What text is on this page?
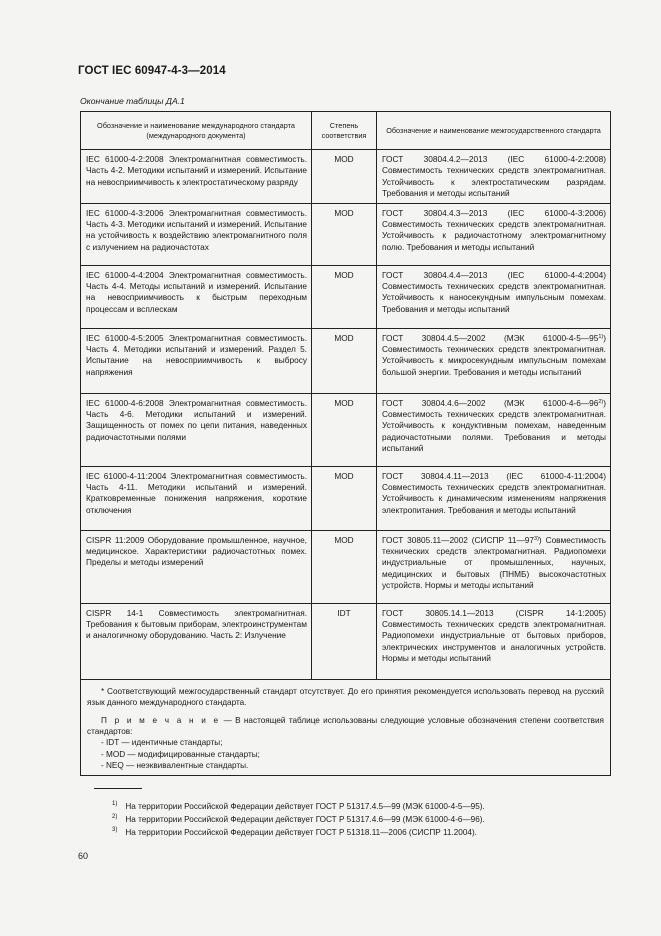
ГОСТ IEC 60947-4-3—2014
Окончание таблицы ДА.1
Обозначение и наименование международного стандарта (международного документа)	Степень соответствия	Обозначение и наименование межгосударственного стандарта
IEC 61000-4-2:2008 Электромагнитная совместимость. Часть 4-2. Методики испытаний и измерений. Испытание на невосприимчивость к электростатическому разряду	MOD	ГОСТ 30804.4.2—2013 (IEC 61000-4-2:2008) Совместимость технических средств электромагнитная. Устойчивость к электростатическим разрядам. Требования и методы испытаний
IEC 61000-4-3:2006 Электромагнитная совместимость. Часть 4-3. Методики испытаний и измерений. Испытание на устойчивость к воздействию электромагнитного поля с излучением на радиочастотах	MOD	ГОСТ 30804.4.3—2013 (IEC 61000-4-3:2006) Совместимость технических средств электромагнитная. Устойчивость к радиочастотному электромагнитному полю. Требования и методы испытаний
IEC 61000-4-4:2004 Электромагнитная совместимость. Часть 4-4. Методы испытаний и измерений. Испытание на невосприимчивость к быстрым переходным процессам и всплескам	MOD	ГОСТ 30804.4.4—2013 (IEC 61000-4-4:2004) Совместимость технических средств электромагнитная. Устойчивость к наносекундным импульсным помехам. Требования и методы испытаний
IEC 61000-4-5:2005 Электромагнитная совместимость. Часть 4. Методики испытаний и измерений. Раздел 5. Испытание на невосприимчивость к выбросу напряжения	MOD	ГОСТ 30804.4.5—2002 (МЭК 61000-4-5—95$^{1)}$) Совместимость технических средств электромагнитная. Устойчивость к микросекундным импульсным помехам большой энергии. Требования и методы испытаний
IEC 61000-4-6:2008 Электромагнитная совместимость. Часть 4-6. Методики испытаний и измерений. Защищенность от помех по цепи питания, наведенных радиочастотными полями	MOD	ГОСТ 30804.4.6—2002 (МЭК 61000-4-6—96$^{2)}$) Совместимость технических средств электромагнитная. Устойчивость к кондуктивным помехам, наведенным радиочастотными полями. Требования и методы испытаний
IEC 61000-4-11:2004 Электромагнитная совместимость. Часть 4-11. Методики испытаний и измерений. Кратковременные понижения напряжения, короткие отключения	MOD	ГОСТ 30804.4.11—2013 (IEC 61000-4-11:2004) Совместимость технических средств электромагнитная. Устойчивость к динамическим изменениям напряжения электропитания. Требования и методы испытаний
CISPR 11:2009 Оборудование промышленное, научное, медицинское. Характеристики радиочастотных помех. Пределы и методы измерений	MOD	ГОСТ 30805.11—2002 (СИСПР 11—97$^{3)}$) Совместимость технических средств электромагнитная. Радиопомехи индустриальные от промышленных, научных, медицинских и бытовых (ПНМБ) высокочастотных устройств. Нормы и методы испытаний
CISPR 14-1 Совместимость электромагнитная. Требования к бытовым приборам, электроинструментам и аналогичному оборудованию. Часть 2: Излучение	IDT	ГОСТ 30805.14.1—2013 (CISPR 14-1:2005) Совместимость технических средств электромагнитная. Радиопомехи индустриальные от бытовых приборов, электрических инструментов и аналогичных устройств. Нормы и методы испытаний

* Соответствующий межгосударственный стандарт отсутствует. До его принятия рекомендуется использовать перевод на русский язык данного международного стандарта.
П р и м е ч а н и е — В настоящей таблице использованы следующие условные обозначения степени соответствия стандартов:
- IDT — идентичные стандарты;
- MOD — модифицированные стандарты;
- NEQ — неэквивалентные стандарты.		
$^{1)}$ На территории Российской Федерации действует ГОСТ Р 51317.4.5—99 (МЭК 61000-4-5—95).
$^{2)}$ На территории Российской Федерации действует ГОСТ Р 51317.4.6—99 (МЭК 61000-4-6—96).
$^{3)}$ На территории Российской Федерации действует ГОСТ Р 51318.11—2006 (СИСПР 11.2004).
60
